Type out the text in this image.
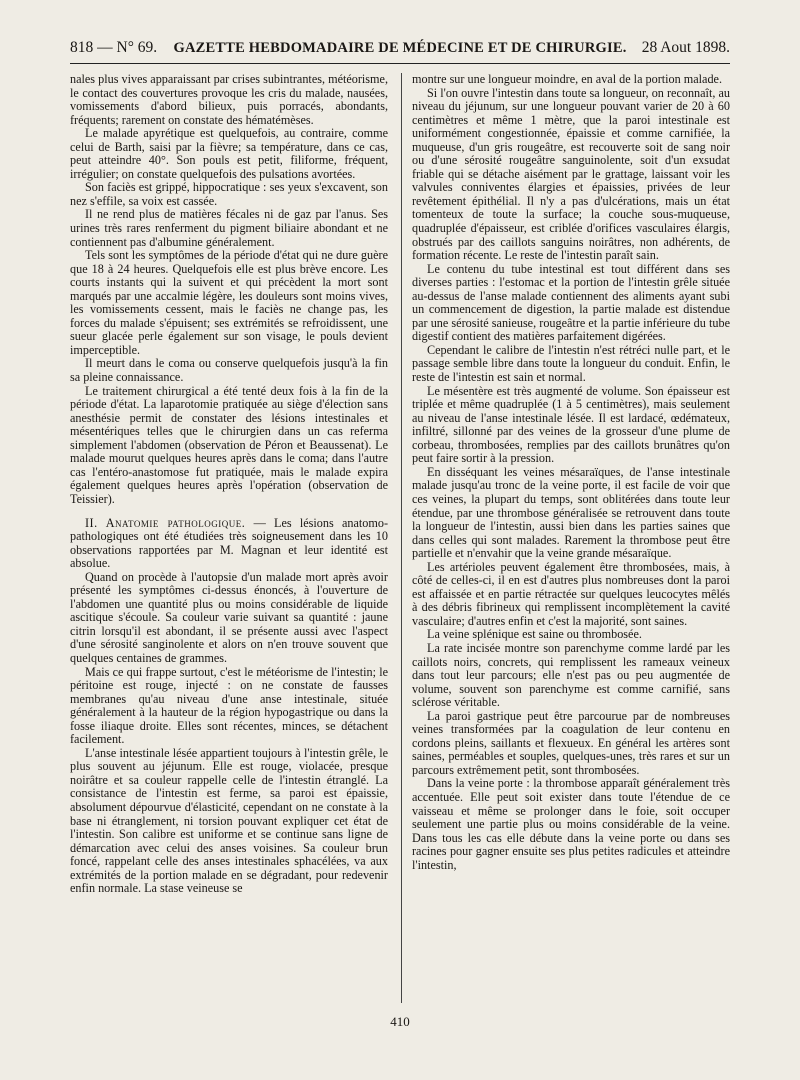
818 — N° 69.	GAZETTE HEBDOMADAIRE DE MÉDECINE ET DE CHIRURGIE. 28 Aout 1898.

nales plus vives apparaissant par crises subintrantes, météorisme, le contact des couvertures provoque les cris du malade, nausées, vomissements d'abord bilieux, puis porracés, abondants, fréquents; rarement on constate des hématémèses.

Le malade apyrétique est quelquefois, au contraire, comme celui de Barth, saisi par la fièvre; sa température, dans ce cas, peut atteindre 40°. Son pouls est petit, filiforme, fréquent, irrégulier; on constate quelquefois des pulsations avortées.

Son faciès est grippé, hippocratique : ses yeux s'excavent, son nez s'effile, sa voix est cassée.

Il ne rend plus de matières fécales ni de gaz par l'anus. Ses urines très rares renferment du pigment biliaire abondant et ne contiennent pas d'albumine généralement.

Tels sont les symptômes de la période d'état qui ne dure guère que 18 à 24 heures. Quelquefois elle est plus brève encore. Les courts instants qui la suivent et qui précèdent la mort sont marqués par une accalmie légère, les douleurs sont moins vives, les vomissements cessent, mais le faciès ne change pas, les forces du malade s'épuisent; ses extrémités se refroidissent, une sueur glacée perle également sur son visage, le pouls devient imperceptible.

Il meurt dans le coma ou conserve quelquefois jusqu'à la fin sa pleine connaissance.

Le traitement chirurgical a été tenté deux fois à la fin de la période d'état. La laparotomie pratiquée au siège d'élection sans anesthésie permit de constater des lésions intestinales et mésentériques telles que le chirurgien dans un cas referma simplement l'abdomen (observation de Péron et Beaussenat). Le malade mourut quelques heures après dans le coma; dans l'autre cas l'entéro-anastomose fut pratiquée, mais le malade expira également quelques heures après l'opération (observation de Teissier).

II. Anatomie pathologique. — Les lésions anatomo-pathologiques ont été étudiées très soigneusement dans les 10 observations rapportées par M. Magnan et leur identité est absolue.

Quand on procède à l'autopsie d'un malade mort après avoir présenté les symptômes ci-dessus énoncés, à l'ouverture de l'abdomen une quantité plus ou moins considérable de liquide ascitique s'écoule. Sa couleur varie suivant sa quantité : jaune citrin lorsqu'il est abondant, il se présente aussi avec l'aspect d'une sérosité sanginolente et alors on n'en trouve souvent que quelques centaines de grammes.

Mais ce qui frappe surtout, c'est le météorisme de l'intestin; le péritoine est rouge, injecté : on ne constate de fausses membranes qu'au niveau d'une anse intestinale, située généralement à la hauteur de la région hypogastrique ou dans la fosse iliaque droite. Elles sont récentes, minces, se détachent facilement.

L'anse intestinale lésée appartient toujours à l'intestin grêle, le plus souvent au jéjunum. Elle est rouge, violacée, presque noirâtre et sa couleur rappelle celle de l'intestin étranglé. La consistance de l'intestin est ferme, sa paroi est épaissie, absolument dépourvue d'élasticité, cependant on ne constate à la base ni étranglement, ni torsion pouvant expliquer cet état de l'intestin. Son calibre est uniforme et se continue sans ligne de démarcation avec celui des anses voisines. Sa couleur brun foncé, rappelant celle des anses intestinales sphacélées, va aux extrémités de la portion malade en se dégradant, pour redevenir enfin normale. La stase veineuse se

montre sur une longueur moindre, en aval de la portion malade.

Si l'on ouvre l'intestin dans toute sa longueur, on reconnaît, au niveau du jéjunum, sur une longueur pouvant varier de 20 à 60 centimètres et même 1 mètre, que la paroi intestinale est uniformément congestionnée, épaissie et comme carnifiée, la muqueuse, d'un gris rougeâtre, est recouverte soit de sang noir ou d'une sérosité rougeâtre sanguinolente, soit d'un exsudat friable qui se détache aisément par le grattage, laissant voir les valvules conniventes élargies et épaissies, privées de leur revêtement épithélial. Il n'y a pas d'ulcérations, mais un état tomenteux de toute la surface; la couche sous-muqueuse, quadruplée d'épaisseur, est criblée d'orifices vasculaires élargis, obstrués par des caillots sanguins noirâtres, non adhérents, de formation récente. Le reste de l'intestin paraît sain.

Le contenu du tube intestinal est tout différent dans ses diverses parties : l'estomac et la portion de l'intestin grêle située au-dessus de l'anse malade contiennent des aliments ayant subi un commencement de digestion, la partie malade est distendue par une sérosité sanieuse, rougeâtre et la partie inférieure du tube digestif contient des matières parfaitement digérées.

Cependant le calibre de l'intestin n'est rétréci nulle part, et le passage semble libre dans toute la longueur du conduit. Enfin, le reste de l'intestin est sain et normal.

Le mésentère est très augmenté de volume. Son épaisseur est triplée et même quadruplée (1 à 5 centimètres), mais seulement au niveau de l'anse intestinale lésée. Il est lardacé, œdémateux, infiltré, sillonné par des veines de la grosseur d'une plume de corbeau, thrombosées, remplies par des caillots brunâtres qu'on peut faire sortir à la pression.

En disséquant les veines mésaraïques, de l'anse intestinale malade jusqu'au tronc de la veine porte, il est facile de voir que ces veines, la plupart du temps, sont oblitérées dans toute leur étendue, par une thrombose généralisée se retrouvent dans toute la longueur de l'intestin, aussi bien dans les parties saines que dans celles qui sont malades. Rarement la thrombose peut être partielle et n'envahir que la veine grande mésaraïque.

Les artérioles peuvent également être thrombosées, mais, à côté de celles-ci, il en est d'autres plus nombreuses dont la paroi est affaissée et en partie rétractée sur quelques leucocytes mêlés à des débris fibrineux qui remplissent incomplètement la cavité vasculaire; d'autres enfin et c'est la majorité, sont saines.

La veine splénique est saine ou thrombosée.

La rate incisée montre son parenchyme comme lardé par les caillots noirs, concrets, qui remplissent les rameaux veineux dans tout leur parcours; elle n'est pas ou peu augmentée de volume, souvent son parenchyme est comme carnifié, sans sclérose véritable.

La paroi gastrique peut être parcourue par de nombreuses veines transformées par la coagulation de leur contenu en cordons pleins, saillants et flexueux. En général les artères sont saines, perméables et souples, quelques-unes, très rares et sur un parcours extrêmement petit, sont thrombosées.

Dans la veine porte : la thrombose apparaît généralement très accentuée. Elle peut soit exister dans toute l'étendue de ce vaisseau et même se prolonger dans le foie, soit occuper seulement une partie plus ou moins considérable de la veine. Dans tous les cas elle débute dans la veine porte ou dans ses racines pour gagner ensuite ses plus petites radicules et atteindre l'intestin,

410
